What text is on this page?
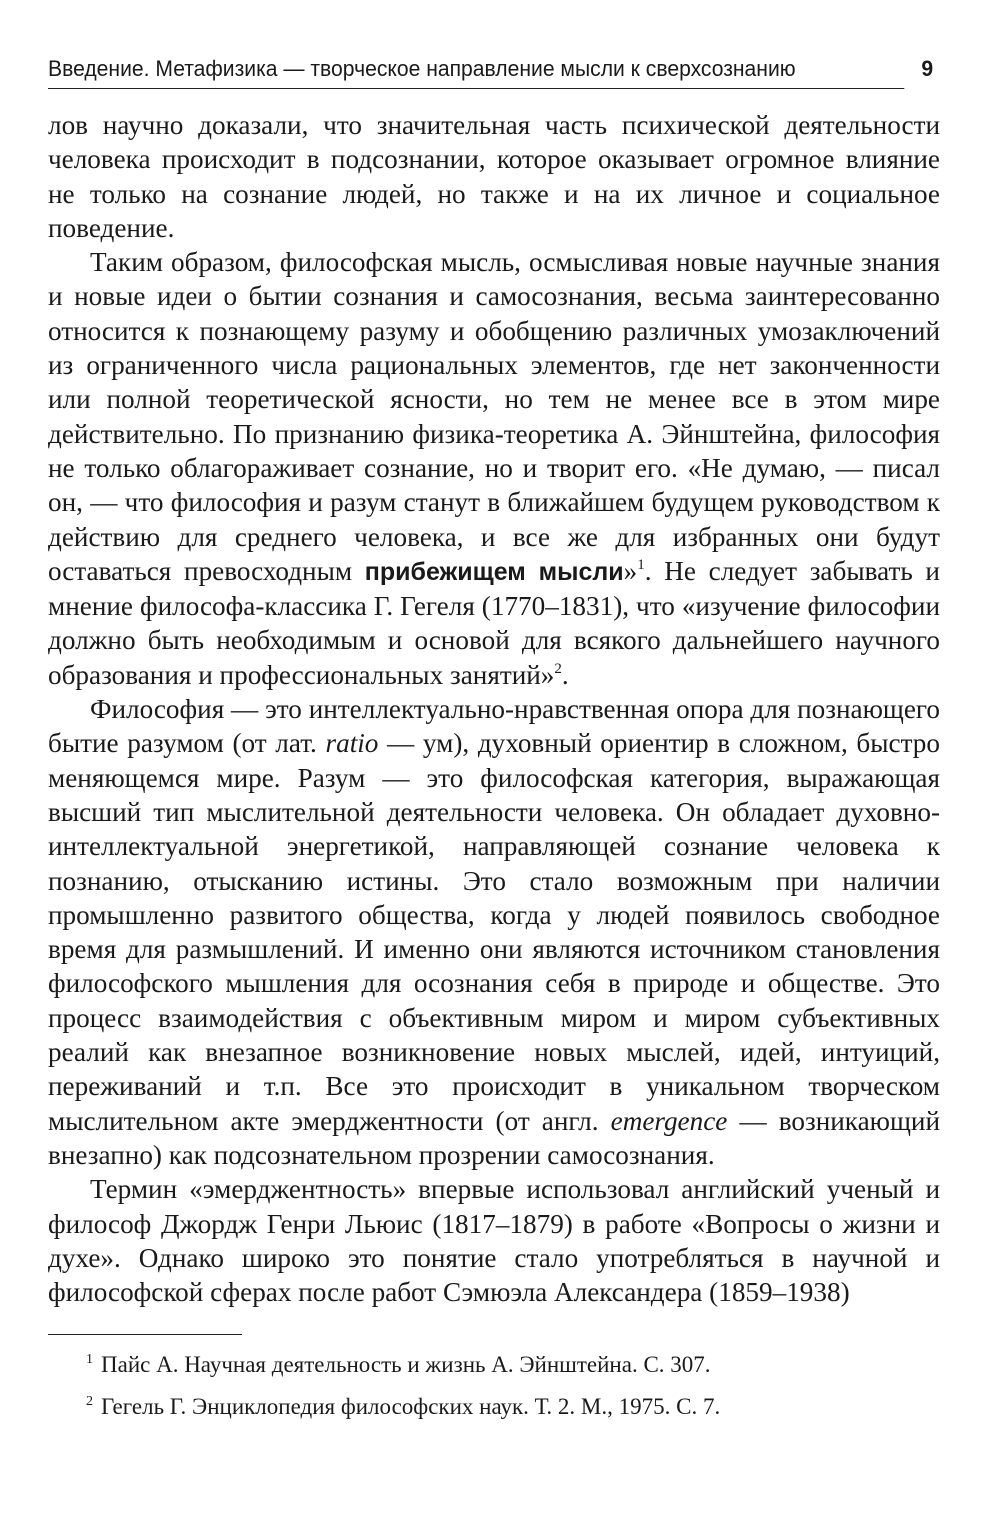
Введение. Метафизика — творческое направление мысли к сверхсознанию	9

лов научно доказали, что значительная часть психической деятельности человека происходит в подсознании, которое оказывает огромное влияние не только на сознание людей, но также и на их личное и социальное поведение.

Таким образом, философская мысль, осмысливая новые научные знания и новые идеи о бытии сознания и самосознания, весьма заинтересованно относится к познающему разуму и обобщению различных умозаключений из ограниченного числа рациональных элементов, где нет законченности или полной теоретической ясности, но тем не менее все в этом мире действительно. По признанию физика-теоретика А. Эйнштейна, философия не только облагораживает сознание, но и творит его. «Не думаю, — писал он, — что философия и разум станут в ближайшем будущем руководством к действию для среднего человека, и все же для избранных они будут оставаться превосходным прибежищем мысли»$^1$. Не следует забывать и мнение философа-классика Г. Гегеля (1770–1831), что «изучение философии должно быть необходимым и основой для всякого дальнейшего научного образования и профессиональных занятий»$^2$.

Философия — это интеллектуально-нравственная опора для познающего бытие разумом (от лат. ratio — ум), духовный ориентир в сложном, быстро меняющемся мире. Разум — это философская категория, выражающая высший тип мыслительной деятельности человека. Он обладает духовно-интеллектуальной энергетикой, направляющей сознание человека к познанию, отысканию истины. Это стало возможным при наличии промышленно развитого общества, когда у людей появилось свободное время для размышлений. И именно они являются источником становления философского мышления для осознания себя в природе и обществе. Это процесс взаимодействия с объективным миром и миром субъективных реалий как внезапное возникновение новых мыслей, идей, интуиций, переживаний и т.п. Все это происходит в уникальном творческом мыслительном акте эмерджентности (от англ. emergence — возникающий внезапно) как подсознательном прозрении самосознания.

Термин «эмерджентность» впервые использовал английский ученый и философ Джордж Генри Льюис (1817–1879) в работе «Вопросы о жизни и духе». Однако широко это понятие стало употребляться в научной и философской сферах после работ Сэмюэла Александера (1859–1938)

$^1$ Пайс А. Научная деятельность и жизнь А. Эйнштейна. С. 307.
$^2$ Гегель Г. Энциклопедия философских наук. Т. 2. М., 1975. С. 7.
